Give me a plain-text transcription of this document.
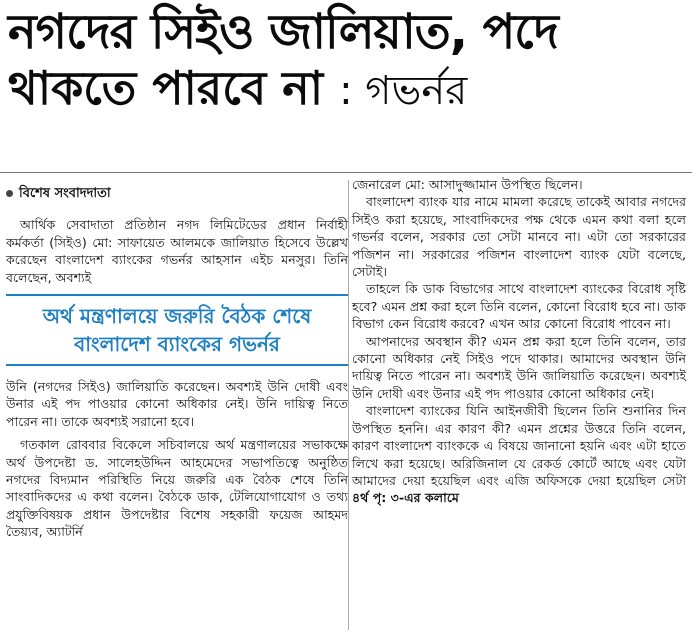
নগদের সিইও জালিয়াত, পদে
থাকতে পারবে না : গভর্নর
বিশেষ সংবাদদাতা

আর্থিক সেবাদাতা প্রতিষ্ঠান নগদ লিমিটেডের প্রধান নির্বাহী কর্মকর্তা (সিইও) মো: সাফায়েত আলমকে জালিয়াত হিসেবে উল্লেখ করেছেন বাংলাদেশ ব্যাংকের গভর্নর আহসান এইচ মনসুর। তিনি বলেছেন, অবশ্যই

অর্থ মন্ত্রণালয়ে জরুরি বৈঠক শেষে বাংলাদেশ ব্যাংকের গভর্নর

উনি (নগদের সিইও) জালিয়াতি করেছেন। অবশ্যই উনি দোষী এবং উনার এই পদ পাওয়ার কোনো অধিকার নেই। উনি দায়িত্ব নিতে পারেন না। তাকে অবশ্যই সরানো হবে।

গতকাল রোববার বিকেলে সচিবালয়ে অর্থ মন্ত্রণালয়ের সভাকক্ষে অর্থ উপদেষ্টা ড. সালেহউদ্দিন আহমেদের সভাপতিত্বে অনুষ্ঠিত নগদের বিদ্যমান পরিস্থিতি নিয়ে জরুরি এক বৈঠক শেষে তিনি সাংবাদিকদের এ কথা বলেন। বৈঠকে ডাক, টেলিযোগাযোগ ও তথ্য প্রযুক্তিবিষয়ক প্রধান উপদেষ্টার বিশেষ সহকারী ফয়েজ আহমদ তৈয়্যব, অ্যাটর্নি

জেনারেল মো: আসাদুজ্জামান উপস্থিত ছিলেন।

বাংলাদেশ ব্যাংক যার নামে মামলা করেছে তাকেই আবার নগদের সিইও করা হয়েছে, সাংবাদিকদের পক্ষ থেকে এমন কথা বলা হলে গভর্নর বলেন, সরকার তো সেটা মানবে না। এটা তো সরকারের পজিশন না। সরকারের পজিশন বাংলাদেশ ব্যাংক যেটা বলেছে, সেটাই।

তাহলে কি ডাক বিভাগের সাথে বাংলাদেশ ব্যাংকের বিরোধ সৃষ্টি হবে? এমন প্রশ্ন করা হলে তিনি বলেন, কোনো বিরোধ হবে না। ডাক বিভাগ কেন বিরোধ করবে? এখন আর কোনো বিরোধ পাবেন না।

আপনাদের অবস্থান কী? এমন প্রশ্ন করা হলে তিনি বলেন, তার কোনো অধিকার নেই সিইও পদে থাকার। আমাদের অবস্থান উনি দায়িত্ব নিতে পারেন না। অবশ্যই উনি জালিয়াতি করেছেন। অবশ্যই উনি দোষী এবং উনার এই পদ পাওয়ার কোনো অধিকার নেই।

বাংলাদেশ ব্যাংকের যিনি আইনজীবী ছিলেন তিনি শুনানির দিন উপস্থিত হননি। এর কারণ কী? এমন প্রশ্নের উত্তরে তিনি বলেন, কারণ বাংলাদেশ ব্যাংককে এ বিষয়ে জানানো হয়নি এবং এটা হাতে লিখে করা হয়েছে। অরিজিনাল যে রেকর্ড কোর্টে আছে এবং যেটা আমাদের দেয়া হয়েছিল এবং এজি অফিসকে দেয়া হয়েছিল সেটা ৪র্থ পৃ: ৩-এর কলামে
